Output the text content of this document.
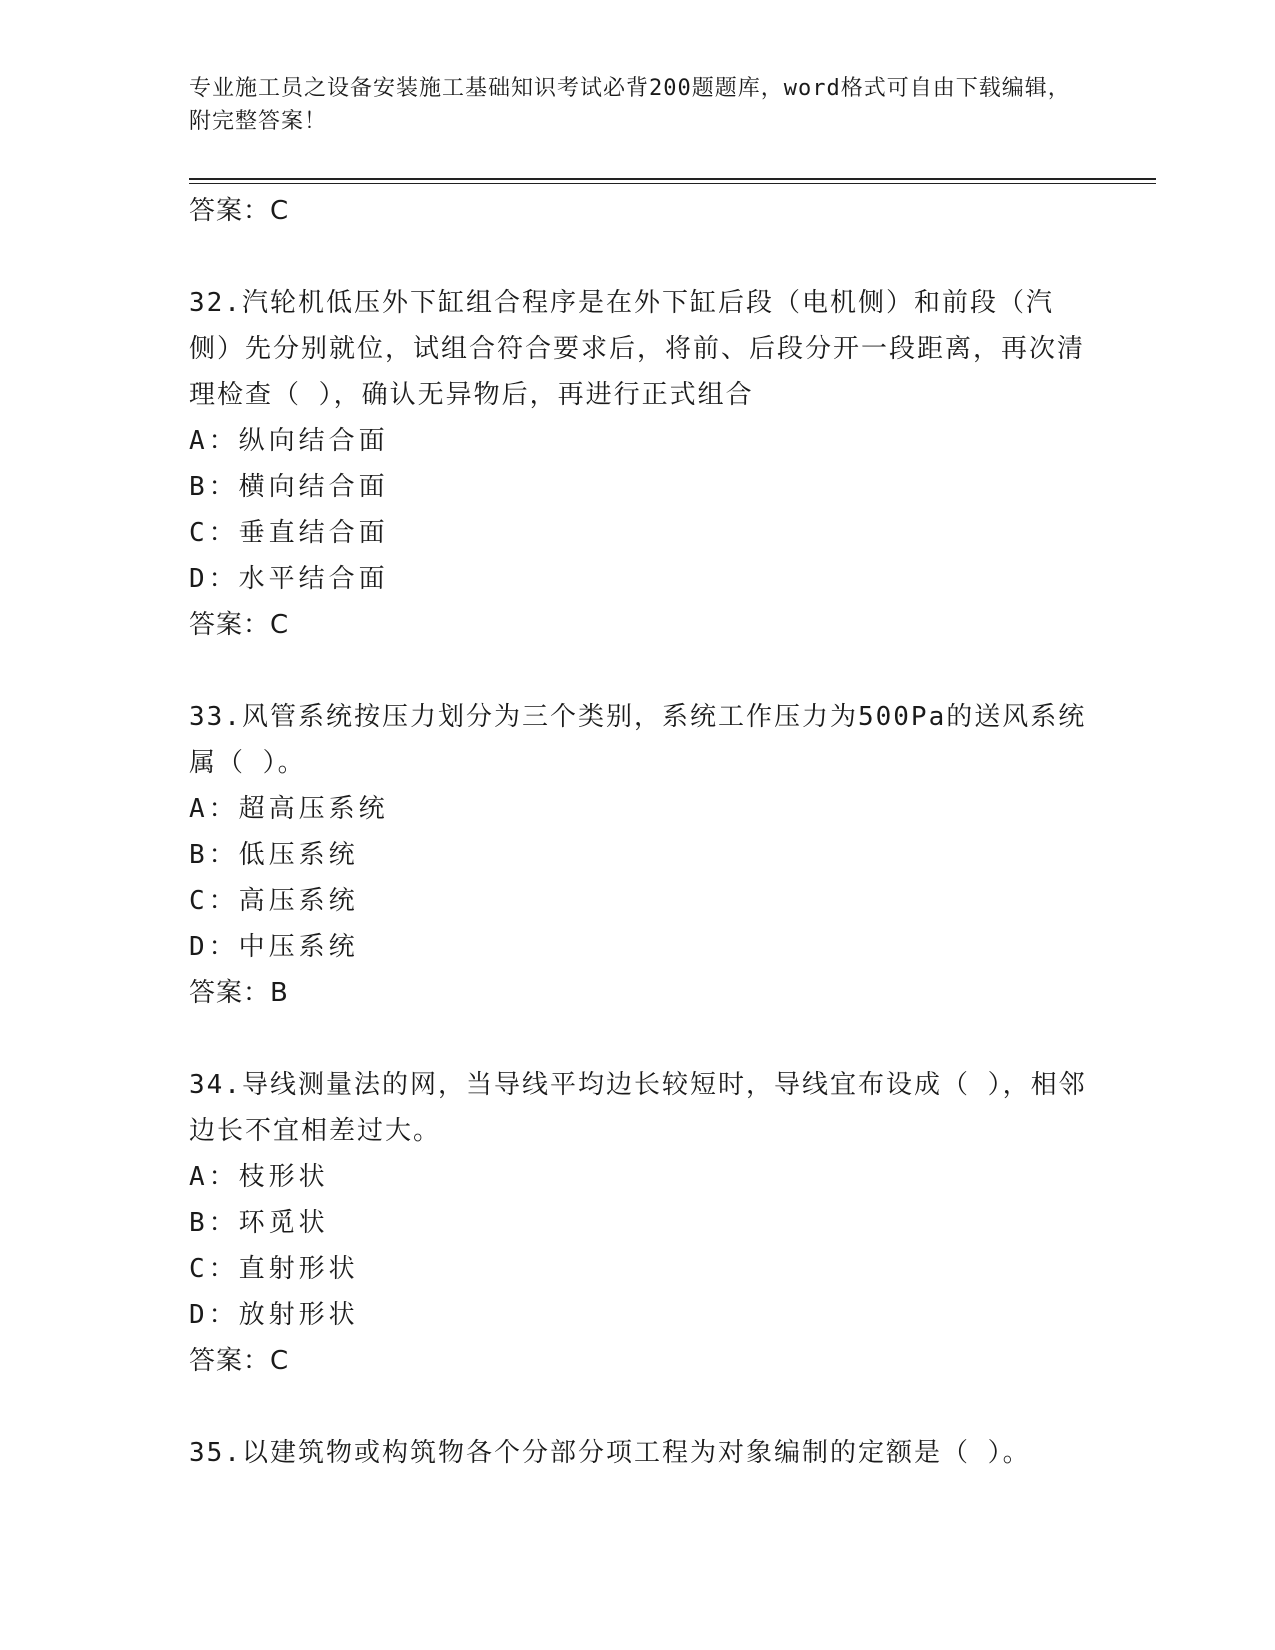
专业施工员之设备安装施工基础知识考试必背200题题库，word格式可自由下载编辑，附完整答案！

答案：C

32.汽轮机低压外下缸组合程序是在外下缸后段（电机侧）和前段（汽侧）先分别就位，试组合符合要求后，将前、后段分开一段距离，再次清理检查（ ），确认无异物后，再进行正式组合

A：纵向结合面

B：横向结合面

C：垂直结合面

D：水平结合面

答案：C

33.风管系统按压力划分为三个类别，系统工作压力为500Pa的送风系统属（ ）。

A：超高压系统

B：低压系统

C：高压系统

D：中压系统

答案：B

34.导线测量法的网，当导线平均边长较短时，导线宜布设成（ ），相邻边长不宜相差过大。

A：枝形状

B：环觅状

C：直射形状

D：放射形状

答案：C

35.以建筑物或构筑物各个分部分项工程为对象编制的定额是（ ）。
